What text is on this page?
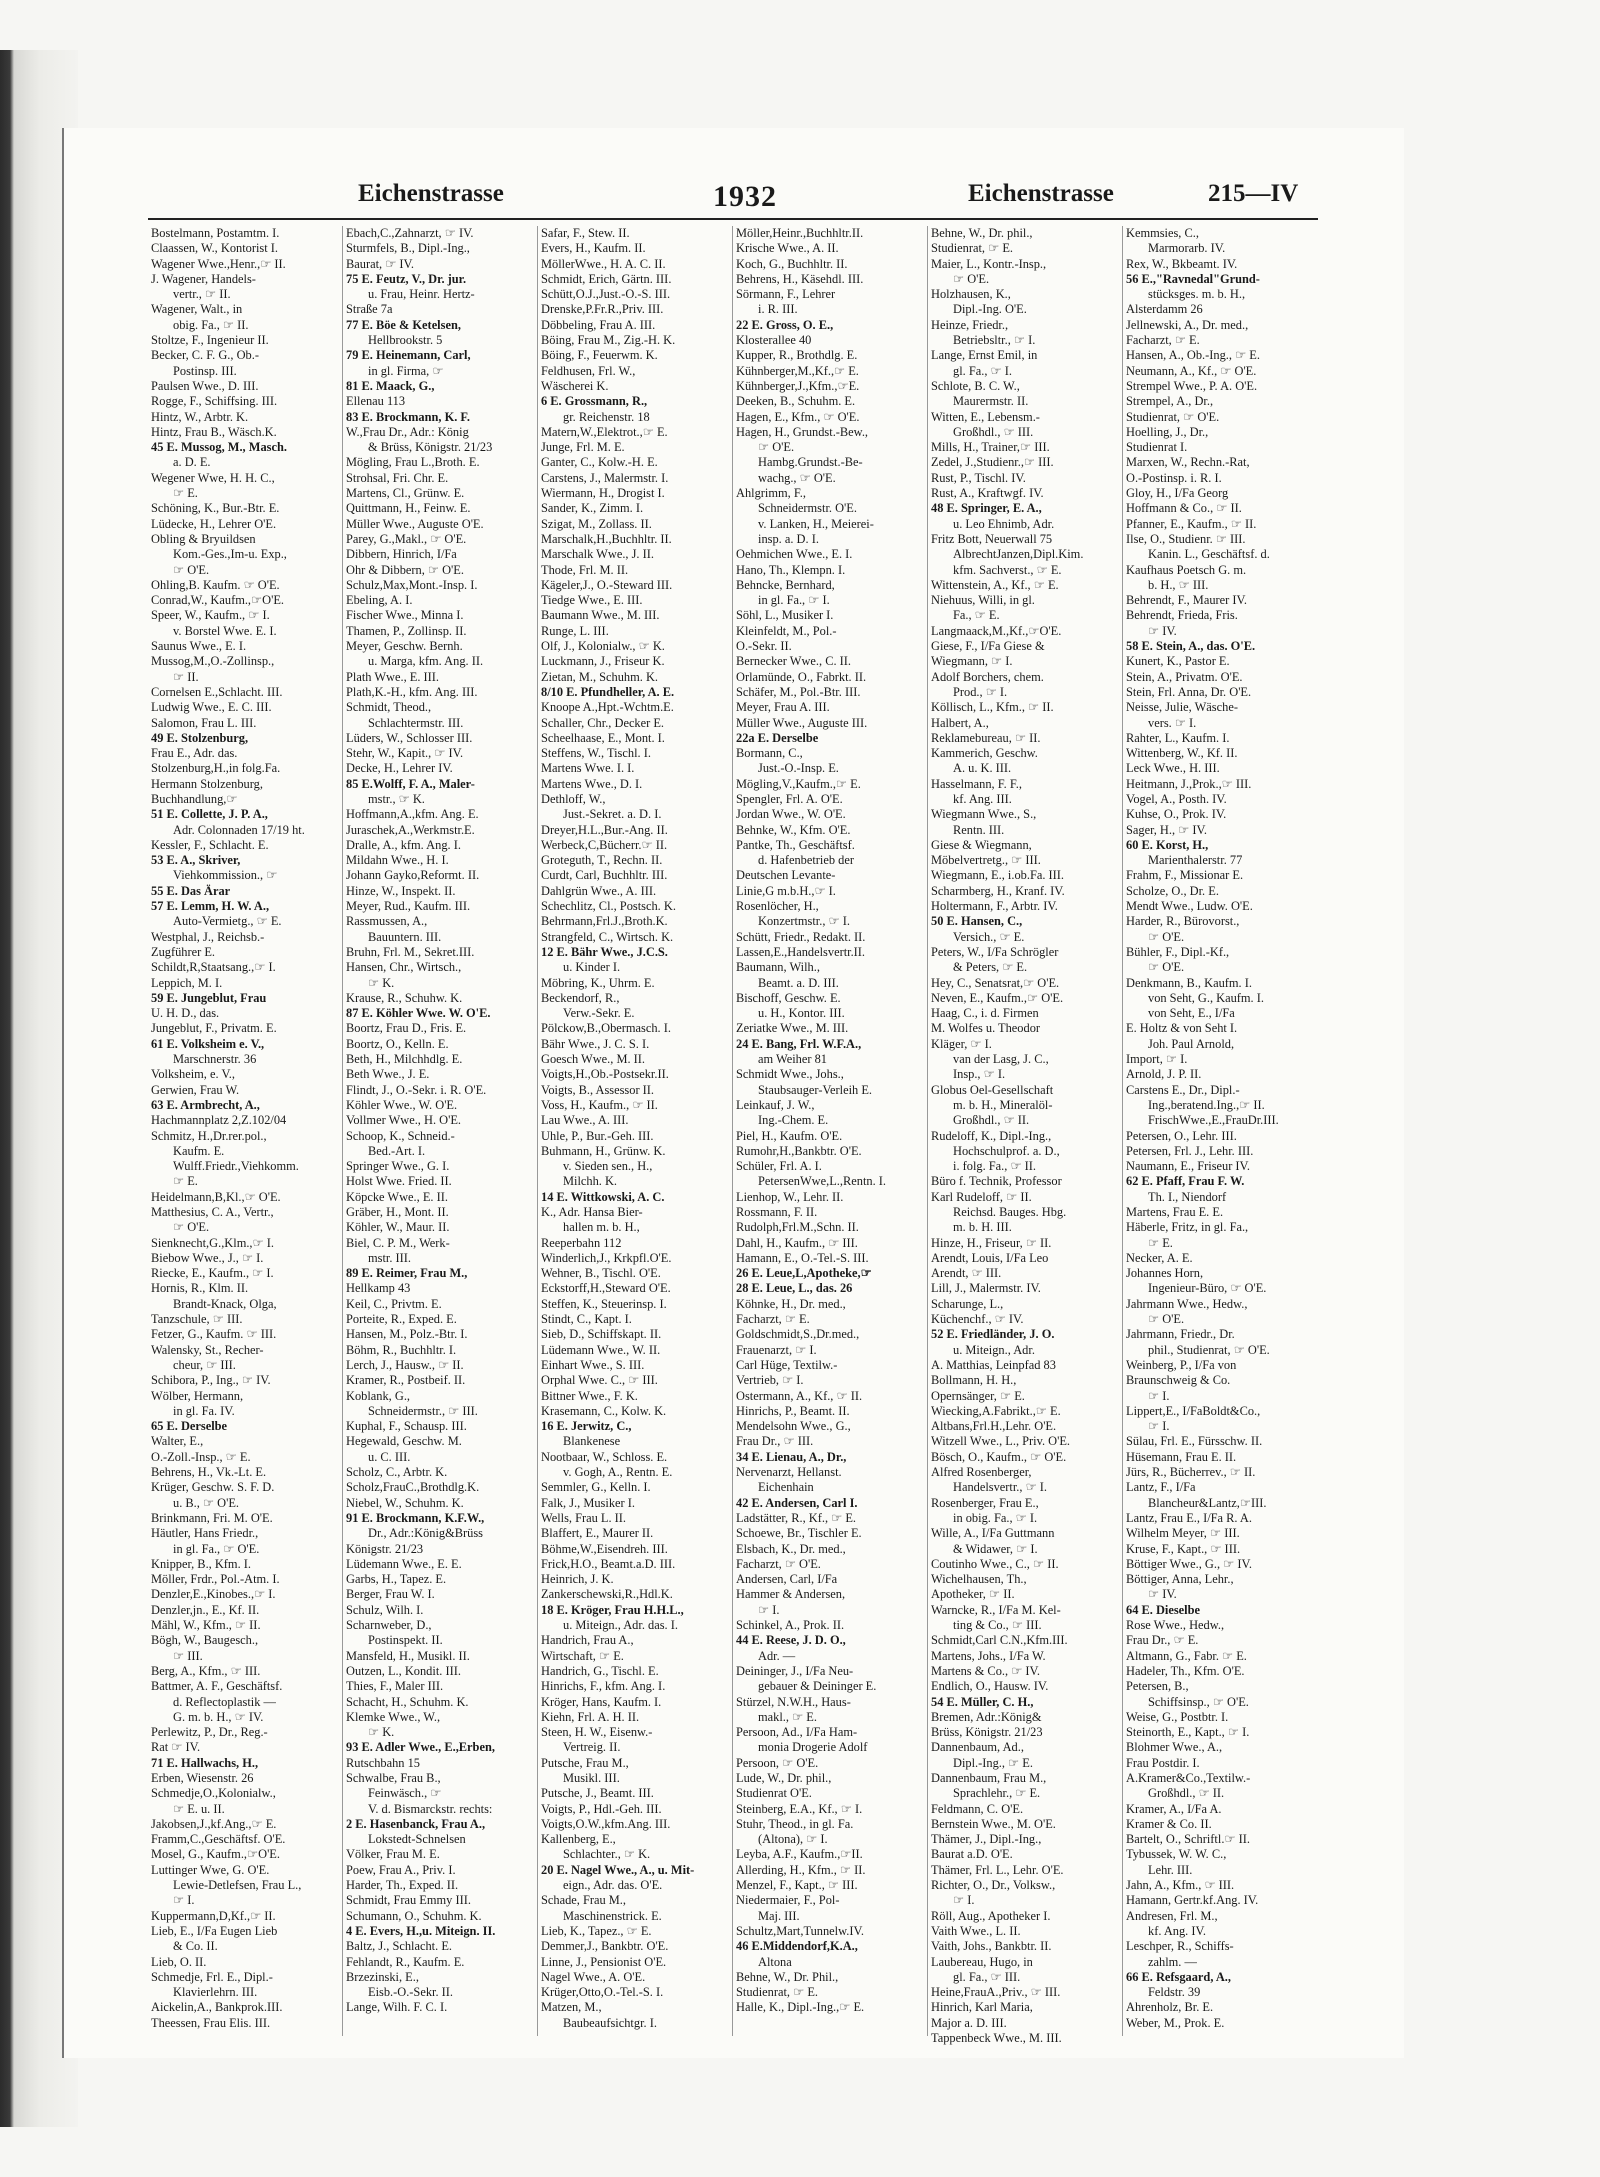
Eichenstrasse	1932	Eichenstrasse	215—IV
Bostelmann, Postamtm. I.
Claassen, W., Kontorist I.
Wagener Wwe.,Henr.,☞ II.
J. Wagener, Handels-
vertr., ☞ II.
Wagener, Walt., in
obig. Fa., ☞ II.
Stoltze, F., Ingenieur II.
Becker, C. F. G., Ob.-
Postinsp. III.
Paulsen Wwe., D. III.
Rogge, F., Schiffsing. III.
Hintz, W., Arbtr. K.
Hintz, Frau B., Wäsch.K.
45 E. Mussog, M., Masch.
a. D. E.
Wegener Wwe, H. H. C.,
☞ E.
Schöning, K., Bur.-Btr. E.
Lüdecke, H., Lehrer O'E.
Obling & Bryuildsen
Kom.-Ges.,Im-u. Exp.,
☞ O'E.
Ohling,B. Kaufm. ☞ O'E.
Conrad,W., Kaufm.,☞O'E.
Speer, W., Kaufm., ☞ I.
v. Borstel Wwe. E. I.
Saunus Wwe., E. I.
Mussog,M.,O.-Zollinsp.,
☞ II.
Cornelsen E.,Schlacht. III.
Ludwig Wwe., E. C. III.
Salomon, Frau L. III.
49 E. Stolzenburg,
Frau E., Adr. das.
Stolzenburg,H.,in folg.Fa.
Hermann Stolzenburg,
Buchhandlung,☞
51 E. Collette, J. P. A.,
Adr. Colonnaden 17/19 ht.
Kessler, F., Schlacht. E.
53 E. A., Skriver,
Viehkommission., ☞
55 E. Das Ärar
57 E. Lemm, H. W. A.,
Auto-Vermietg., ☞ E.
Westphal, J., Reichsb.-
Zugführer E.
Schildt,R,Staatsang.,☞ I.
Leppich, M. I.
59 E. Jungeblut, Frau
U. H. D., das.
Jungeblut, F., Privatm. E.
61 E. Volksheim e. V.,
Marschnerstr. 36
Volksheim, e. V.,
Gerwien, Frau W.
63 E. Armbrecht, A.,
Hachmannplatz 2,Z.102/04
Schmitz, H.,Dr.rer.pol.,
Kaufm. E.
Wulff.Friedr.,Viehkomm.
☞ E.
Heidelmann,B,Kl.,☞ O'E.
Matthesius, C. A., Vertr.,
☞ O'E.
Sienknecht,G.,Klm.,☞ I.
Biebow Wwe., J., ☞ I.
Riecke, E., Kaufm., ☞ I.
Hornis, R., Klm. II.
Brandt-Knack, Olga,
Tanzschule, ☞ III.
Fetzer, G., Kaufm. ☞ III.
Walensky, St., Recher-
cheur, ☞ III.
Schibora, P., Ing., ☞ IV.
Wölber, Hermann,
in gl. Fa. IV.
65 E. Derselbe
Walter, E.,
O.-Zoll.-Insp., ☞ E.
Behrens, H., Vk.-Lt. E.
Krüger, Geschw. S. F. D.
u. B., ☞ O'E.
Brinkmann, Fri. M. O'E.
Häutler, Hans Friedr.,
in gl. Fa., ☞ O'E.
Knipper, B., Kfm. I.
Möller, Frdr., Pol.-Atm. I.
Denzler,E.,Kinobes.,☞ I.
Denzler,jn., E., Kf. II.
Mähl, W., Kfm., ☞ II.
Bögh, W., Baugesch.,
☞ III.
Berg, A., Kfm., ☞ III.
Battmer, A. F., Geschäftsf.
d. Reflectoplastik —
G. m. b. H., ☞ IV.
Perlewitz, P., Dr., Reg.-
Rat ☞ IV.
71 E. Hallwachs, H.,
Erben, Wiesenstr. 26
Schmedje,O.,Kolonialw.,
☞ E. u. II.
Jakobsen,J.,kf.Ang.,☞ E.
Framm,C.,Geschäftsf. O'E.
Mosel, G., Kaufm.,☞O'E.
Luttinger Wwe, G. O'E.
Lewie-Detlefsen, Frau L.,
☞ I.
Kuppermann,D,Kf.,☞ II.
Lieb, E., I/Fa Eugen Lieb
& Co. II.
Lieb, O. II.
Schmedje, Frl. E., Dipl.-
Klavierlehrn. III.
Aickelin,A., Bankprok.III.
Theessen, Frau Elis. III.
Ebach,C.,Zahnarzt, ☞ IV.
Sturmfels, B., Dipl.-Ing.,
Baurat, ☞ IV.
75 E. Feutz, V., Dr. jur.
u. Frau, Heinr. Hertz-
Straße 7a
77 E. Böe & Ketelsen,
Hellbrookstr. 5
79 E. Heinemann, Carl,
in gl. Firma, ☞
81 E. Maack, G.,
Ellenau 113
83 E. Brockmann, K. F.
W.,Frau Dr., Adr.: König
& Brüss, Königstr. 21/23
Mögling, Frau L.,Broth. E.
Strohsal, Fri. Chr. E.
Martens, Cl., Grünw. E.
Quittmann, H., Feinw. E.
Müller Wwe., Auguste O'E.
Parey, G.,Makl., ☞ O'E.
Dibbern, Hinrich, I/Fa
Ohr & Dibbern, ☞ O'E.
Schulz,Max,Mont.-Insp. I.
Ebeling, A. I.
Fischer Wwe., Minna I.
Thamen, P., Zollinsp. II.
Meyer, Geschw. Bernh.
u. Marga, kfm. Ang. II.
Plath Wwe., E. III.
Plath,K.-H., kfm. Ang. III.
Schmidt, Theod.,
Schlachtermstr. III.
Lüders, W., Schlosser III.
Stehr, W., Kapit., ☞ IV.
Decke, H., Lehrer IV.
85 E.Wolff, F. A., Maler-
mstr., ☞ K.
Hoffmann,A.,kfm. Ang. E.
Juraschek,A.,Werkmstr.E.
Dralle, A., kfm. Ang. I.
Mildahn Wwe., H. I.
Johann Gayko,Reformt. II.
Hinze, W., Inspekt. II.
Meyer, Rud., Kaufm. III.
Rassmussen, A.,
Bauuntern. III.
Bruhn, Frl. M., Sekret.III.
Hansen, Chr., Wirtsch.,
☞ K.
Krause, R., Schuhw. K.
87 E. Köhler Wwe. W. O'E.
Boortz, Frau D., Fris. E.
Boortz, O., Kelln. E.
Beth, H., Milchhdlg. E.
Beth Wwe., J. E.
Flindt, J., O.-Sekr. i. R. O'E.
Köhler Wwe., W. O'E.
Vollmer Wwe., H. O'E.
Schoop, K., Schneid.-
Bed.-Art. I.
Springer Wwe., G. I.
Holst Wwe. Fried. II.
Köpcke Wwe., E. II.
Gräber, H., Mont. II.
Köhler, W., Maur. II.
Biel, C. P. M., Werk-
mstr. III.
89 E. Reimer, Frau M.,
Hellkamp 43
Keil, C., Privtm. E.
Porteite, R., Exped. E.
Hansen, M., Polz.-Btr. I.
Böhm, R., Buchhltr. I.
Lerch, J., Hausw., ☞ II.
Kramer, R., Postbeif. II.
Koblank, G.,
Schneidermstr., ☞ III.
Kuphal, F., Schausp. III.
Hegewald, Geschw. M.
u. C. III.
Scholz, C., Arbtr. K.
Scholz,FrauC.,Brothdlg.K.
Niebel, W., Schuhm. K.
91 E. Brockmann, K.F.W.,
Dr., Adr.:König&Brüss
Königstr. 21/23
Lüdemann Wwe., E. E.
Garbs, H., Tapez. E.
Berger, Frau W. I.
Schulz, Wilh. I.
Scharnweber, D.,
Postinspekt. II.
Mansfeld, H., Musikl. II.
Outzen, L., Kondit. III.
Thies, F., Maler III.
Schacht, H., Schuhm. K.
Klemke Wwe., W.,
☞ K.
93 E. Adler Wwe., E.,Erben,
Rutschbahn 15
Schwalbe, Frau B.,
Feinwäsch., ☞
V. d. Bismarckstr. rechts:
2 E. Hasenbanck, Frau A.,
Lokstedt-Schnelsen
Völker, Frau M. E.
Poew, Frau A., Priv. I.
Harder, Th., Exped. II.
Schmidt, Frau Emmy III.
Schumann, O., Schuhm. K.
4 E. Evers, H.,u. Miteign. II.
Baltz, J., Schlacht. E.
Fehlandt, R., Kaufm. E.
Brzezinski, E.,
Eisb.-O.-Sekr. II.
Lange, Wilh. F. C. I.
Safar, F., Stew. II.
Evers, H., Kaufm. II.
MöllerWwe., H. A. C. II.
Schmidt, Erich, Gärtn. III.
Schütt,O.J.,Just.-O.-S. III.
Drenske,P.Fr.R.,Priv. III.
Döbbeling, Frau A. III.
Böing, Frau M., Zig.-H. K.
Böing, F., Feuerwm. K.
Feldhusen, Frl. W.,
Wäscherei K.
6 E. Grossmann, R.,
gr. Reichenstr. 18
Matern,W.,Elektrot.,☞ E.
Junge, Frl. M. E.
Ganter, C., Kolw.-H. E.
Carstens, J., Malermstr. I.
Wiermann, H., Drogist I.
Sander, K., Zimm. I.
Szigat, M., Zollass. II.
Marschalk,H.,Buchhltr. II.
Marschalk Wwe., J. II.
Thode, Frl. M. II.
Kägeler,J., O.-Steward III.
Tiedge Wwe., E. III.
Baumann Wwe., M. III.
Runge, L. III.
Olf, J., Kolonialw., ☞ K.
Luckmann, J., Friseur K.
Zietan, M., Schuhm. K.
8/10 E. Pfundheller, A. E.
Knoope A.,Hpt.-Wchtm.E.
Schaller, Chr., Decker E.
Scheelhaase, E., Mont. I.
Steffens, W., Tischl. I.
Martens Wwe. I. I.
Martens Wwe., D. I.
Dethloff, W.,
Just.-Sekret. a. D. I.
Dreyer,H.L.,Bur.-Ang. II.
Werbeck,C,Bücherr.☞ II.
Groteguth, T., Rechn. II.
Curdt, Carl, Buchhltr. III.
Dahlgrün Wwe., A. III.
Schechlitz, Cl., Postsch. K.
Behrmann,Frl.J.,Broth.K.
Strangfeld, C., Wirtsch. K.
12 E. Bähr Wwe., J.C.S.
u. Kinder I.
Möbring, K., Uhrm. E.
Beckendorf, R.,
Verw.-Sekr. E.
Pölckow,B.,Obermasch. I.
Bähr Wwe., J. C. S. I.
Goesch Wwe., M. II.
Voigts,H.,Ob.-Postsekr.II.
Voigts, B., Assessor II.
Voss, H., Kaufm., ☞ II.
Lau Wwe., A. III.
Uhle, P., Bur.-Geh. III.
Buhmann, H., Grünw. K.
v. Sieden sen., H.,
Milchh. K.
14 E. Wittkowski, A. C.
K., Adr. Hansa Bier-
hallen m. b. H.,
Reeperbahn 112
Winderlich,J., Krkpfl.O'E.
Wehner, B., Tischl. O'E.
Eckstorff,H.,Steward O'E.
Steffen, K., Steuerinsp. I.
Stindt, C., Kapt. I.
Sieb, D., Schiffskapt. II.
Lüdemann Wwe., W. II.
Einhart Wwe., S. III.
Orphal Wwe. C., ☞ III.
Bittner Wwe., F. K.
Krasemann, C., Kolw. K.
16 E. Jerwitz, C.,
Blankenese
Nootbaar, W., Schloss. E.
v. Gogh, A., Rentn. E.
Semmler, G., Kelln. I.
Falk, J., Musiker I.
Wells, Frau L. II.
Blaffert, E., Maurer II.
Böhme,W.,Eisendreh. III.
Frick,H.O., Beamt.a.D. III.
Heinrich, J. K.
Zankerschewski,R.,Hdl.K.
18 E. Kröger, Frau H.H.L.,
u. Miteign., Adr. das. I.
Handrich, Frau A.,
Wirtschaft, ☞ E.
Handrich, G., Tischl. E.
Hinrichs, F., kfm. Ang. I.
Kröger, Hans, Kaufm. I.
Kiehn, Frl. A. H. II.
Steen, H. W., Eisenw.-
Vertreig. II.
Putsche, Frau M.,
Musikl. III.
Putsche, J., Beamt. III.
Voigts, P., Hdl.-Geh. III.
Voigts,O.W.,kfm.Ang. III.
Kallenberg, E.,
Schlachter., ☞ K.
20 E. Nagel Wwe., A., u. Mit-
eign., Adr. das. O'E.
Schade, Frau M.,
Maschinenstrick. E.
Lieb, K., Tapez., ☞ E.
Demmer,J., Bankbtr. O'E.
Linne, J., Pensionist O'E.
Nagel Wwe., A. O'E.
Krüger,Otto,O.-Tel.-S. I.
Matzen, M.,
Baubeaufsichtgr. I.
Möller,Heinr.,Buchhltr.II.
Krische Wwe., A. II.
Koch, G., Buchhltr. II.
Behrens, H., Käsehdl. III.
Sörmann, F., Lehrer
i. R. III.
22 E. Gross, O. E.,
Klosterallee 40
Kupper, R., Brothdlg. E.
Kühnberger,M.,Kf.,☞ E.
Kühnberger,J.,Kfm.,☞E.
Deeken, B., Schuhm. E.
Hagen, E., Kfm., ☞ O'E.
Hagen, H., Grundst.-Bew.,
☞ O'E.
Hambg.Grundst.-Be-
wachg., ☞ O'E.
Ahlgrimm, F.,
Schneidermstr. O'E.
v. Lanken, H., Meierei-
insp. a. D. I.
Oehmichen Wwe., E. I.
Hano, Th., Klempn. I.
Behncke, Bernhard,
in gl. Fa., ☞ I.
Söhl, L., Musiker I.
Kleinfeldt, M., Pol.-
O.-Sekr. II.
Bernecker Wwe., C. II.
Orlamünde, O., Fabrkt. II.
Schäfer, M., Pol.-Btr. III.
Meyer, Frau A. III.
Müller Wwe., Auguste III.
22a E. Derselbe
Bormann, C.,
Just.-O.-Insp. E.
Mögling,V.,Kaufm.,☞ E.
Spengler, Frl. A. O'E.
Jordan Wwe., W. O'E.
Behnke, W., Kfm. O'E.
Pantke, Th., Geschäftsf.
d. Hafenbetrieb der
Deutschen Levante-
Linie,G m.b.H.,☞ I.
Rosenlöcher, H.,
Konzertmstr., ☞ I.
Schütt, Friedr., Redakt. II.
Lassen,E.,Handelsvertr.II.
Baumann, Wilh.,
Beamt. a. D. III.
Bischoff, Geschw. E.
u. H., Kontor. III.
Zeriatke Wwe., M. III.
24 E. Bang, Frl. W.F.A.,
am Weiher 81
Schmidt Wwe., Johs.,
Staubsauger-Verleih E.
Leinkauf, J. W.,
Ing.-Chem. E.
Piel, H., Kaufm. O'E.
Rumohr,H.,Bankbtr. O'E.
Schüler, Frl. A. I.
PetersenWwe,L.,Rentn. I.
Lienhop, W., Lehr. II.
Rossmann, F. II.
Rudolph,Frl.M.,Schn. II.
Dahl, H., Kaufm., ☞ III.
Hamann, E., O.-Tel.-S. III.
26 E. Leue,L,Apotheke,☞
28 E. Leue, L., das. 26
Köhnke, H., Dr. med.,
Facharzt, ☞ E.
Goldschmidt,S.,Dr.med.,
Frauenarzt, ☞ I.
Carl Hüge, Textilw.-
Vertrieb, ☞ I.
Ostermann, A., Kf., ☞ II.
Hinrichs, P., Beamt. II.
Mendelsohn Wwe., G.,
Frau Dr., ☞ III.
34 E. Lienau, A., Dr.,
Nervenarzt, Hellanst.
Eichenhain
42 E. Andersen, Carl I.
Ladstätter, R., Kf., ☞ E.
Schoewe, Br., Tischler E.
Elsbach, K., Dr. med.,
Facharzt, ☞ O'E.
Andersen, Carl, I/Fa
Hammer & Andersen,
☞ I.
Schinkel, A., Prok. II.
44 E. Reese, J. D. O.,
Adr. —
Deininger, J., I/Fa Neu-
gebauer & Deininger E.
Stürzel, N.W.H., Haus-
makl., ☞ E.
Persoon, Ad., I/Fa Ham-
monia Drogerie Adolf
Persoon, ☞ O'E.
Lude, W., Dr. phil.,
Studienrat O'E.
Steinberg, E.A., Kf., ☞ I.
Stuhr, Theod., in gl. Fa.
(Altona), ☞ I.
Leyba, A.F., Kaufm.,☞II.
Allerding, H., Kfm., ☞ II.
Menzel, F., Kapt., ☞ III.
Niedermaier, F., Pol-
Maj. III.
Schultz,Mart,Tunnelw.IV.
46 E.Middendorf,K.A.,
Altona
Behne, W., Dr. Phil.,
Studienrat, ☞ E.
Halle, K., Dipl.-Ing.,☞ E.
Behne, W., Dr. phil.,
Studienrat, ☞ E.
Maier, L., Kontr.-Insp.,
☞ O'E.
Holzhausen, K.,
Dipl.-Ing. O'E.
Heinze, Friedr.,
Betriebsltr., ☞ I.
Lange, Ernst Emil, in
gl. Fa., ☞ I.
Schlote, B. C. W.,
Maurermstr. II.
Witten, E., Lebensm.-
Großhdl., ☞ III.
Mills, H., Trainer,☞ III.
Zedel, J.,Studienr.,☞ III.
Rust, P., Tischl. IV.
Rust, A., Kraftwgf. IV.
48 E. Springer, E. A.,
u. Leo Ehnimb, Adr.
Fritz Bott, Neuerwall 75
AlbrechtJanzen,Dipl.Kim.
kfm. Sachverst., ☞ E.
Wittenstein, A., Kf., ☞ E.
Niehuus, Willi, in gl.
Fa., ☞ E.
Langmaack,M.,Kf.,☞O'E.
Giese, F., I/Fa Giese &
Wiegmann, ☞ I.
Adolf Borchers, chem.
Prod., ☞ I.
Köllisch, L., Kfm., ☞ II.
Halbert, A.,
Reklamebureau, ☞ II.
Kammerich, Geschw.
A. u. K. III.
Hasselmann, F. F.,
kf. Ang. III.
Wiegmann Wwe., S.,
Rentn. III.
Giese & Wiegmann,
Möbelvertretg., ☞ III.
Wiegmann, E., i.ob.Fa. III.
Scharmberg, H., Kranf. IV.
Holtermann, F., Arbtr. IV.
50 E. Hansen, C.,
Versich., ☞ E.
Peters, W., I/Fa Schrögler
& Peters, ☞ E.
Hey, C., Senatsrat,☞ O'E.
Neven, E., Kaufm.,☞ O'E.
Haag, C., i. d. Firmen
M. Wolfes u. Theodor
Kläger, ☞ I.
van der Lasg, J. C.,
Insp., ☞ I.
Globus Oel-Gesellschaft
m. b. H., Mineralöl-
Großhdl., ☞ II.
Rudeloff, K., Dipl.-Ing.,
Hochschulprof. a. D.,
i. folg. Fa., ☞ II.
Büro f. Technik, Professor
Karl Rudeloff, ☞ II.
Reichsd. Bauges. Hbg.
m. b. H. III.
Hinze, H., Friseur, ☞ II.
Arendt, Louis, I/Fa Leo
Arendt, ☞ III.
Lill, J., Malermstr. IV.
Scharunge, L.,
Küchenchf., ☞ IV.
52 E. Friedländer, J. O.
u. Miteign., Adr.
A. Matthias, Leinpfad 83
Bollmann, H. H.,
Opernsänger, ☞ E.
Wiecking,A.Fabrikt.,☞ E.
Altbans,Frl.H.,Lehr. O'E.
Witzell Wwe., L., Priv. O'E.
Bösch, O., Kaufm., ☞ O'E.
Alfred Rosenberger,
Handelsvertr., ☞ I.
Rosenberger, Frau E.,
in obig. Fa., ☞ I.
Wille, A., I/Fa Guttmann
& Widawer, ☞ I.
Coutinho Wwe., C., ☞ II.
Wichelhausen, Th.,
Apotheker, ☞ II.
Warncke, R., I/Fa M. Kel-
ting & Co., ☞ III.
Schmidt,Carl C.N.,Kfm.III.
Martens, Johs., I/Fa W.
Martens & Co., ☞ IV.
Endlich, O., Hausw. IV.
54 E. Müller, C. H.,
Bremen, Adr.:König&
Brüss, Königstr. 21/23
Dannenbaum, Ad.,
Dipl.-Ing., ☞ E.
Dannenbaum, Frau M.,
Sprachlehr., ☞ E.
Feldmann, C. O'E.
Bernstein Wwe., M. O'E.
Thämer, J., Dipl.-Ing.,
Baurat a.D. O'E.
Thämer, Frl. L., Lehr. O'E.
Richter, O., Dr., Volksw.,
☞ I.
Röll, Aug., Apotheker I.
Vaith Wwe., L. II.
Vaith, Johs., Bankbtr. II.
Laubereau, Hugo, in
gl. Fa., ☞ III.
Heine,FrauA.,Priv., ☞ III.
Hinrich, Karl Maria,
Major a. D. III.
Tappenbeck Wwe., M. III.
Kemmsies, C.,
Marmorarb. IV.
Rex, W., Bkbeamt. IV.
56 E.,"Ravnedal"Grund-
stücksges. m. b. H.,
Alsterdamm 26
Jellnewski, A., Dr. med.,
Facharzt, ☞ E.
Hansen, A., Ob.-Ing., ☞ E.
Neumann, A., Kf., ☞ O'E.
Strempel Wwe., P. A. O'E.
Strempel, A., Dr.,
Studienrat, ☞ O'E.
Hoelling, J., Dr.,
Studienrat I.
Marxen, W., Rechn.-Rat,
O.-Postinsp. i. R. I.
Gloy, H., I/Fa Georg
Hoffmann & Co., ☞ II.
Pfanner, E., Kaufm., ☞ II.
Ilse, O., Studienr. ☞ III.
Kanin. L., Geschäftsf. d.
Kaufhaus Poetsch G. m.
b. H., ☞ III.
Behrendt, F., Maurer IV.
Behrendt, Frieda, Fris.
☞ IV.
58 E. Stein, A., das. O'E.
Kunert, K., Pastor E.
Stein, A., Privatm. O'E.
Stein, Frl. Anna, Dr. O'E.
Neisse, Julie, Wäsche-
vers. ☞ I.
Rahter, L., Kaufm. I.
Wittenberg, W., Kf. II.
Leck Wwe., H. III.
Heitmann, J.,Prok.,☞ III.
Vogel, A., Posth. IV.
Kuhse, O., Prok. IV.
Sager, H., ☞ IV.
60 E. Korst, H.,
Marienthalerstr. 77
Frahm, F., Missionar E.
Scholze, O., Dr. E.
Mendt Wwe., Ludw. O'E.
Harder, R., Bürovorst.,
☞ O'E.
Bühler, F., Dipl.-Kf.,
☞ O'E.
Denkmann, B., Kaufm. I.
von Seht, G., Kaufm. I.
von Seht, E., I/Fa
E. Holtz & von Seht I.
Joh. Paul Arnold,
Import, ☞ I.
Arnold, J. P. II.
Carstens E., Dr., Dipl.-
Ing.,beratend.Ing.,☞ II.
FrischWwe.,E.,FrauDr.III.
Petersen, O., Lehr. III.
Petersen, Frl. J., Lehr. III.
Naumann, E., Friseur IV.
62 E. Pfaff, Frau F. W.
Th. I., Niendorf
Martens, Frau E. E.
Häberle, Fritz, in gl. Fa.,
☞ E.
Necker, A. E.
Johannes Horn,
Ingenieur-Büro, ☞ O'E.
Jahrmann Wwe., Hedw.,
☞ O'E.
Jahrmann, Friedr., Dr.
phil., Studienrat, ☞ O'E.
Weinberg, P., I/Fa von
Braunschweig & Co.
☞ I.
Lippert,E., I/FaBoldt&Co.,
☞ I.
Sülau, Frl. E., Fürsschw. II.
Hüsemann, Frau E. II.
Jürs, R., Bücherrev., ☞ II.
Lantz, F., I/Fa
Blancheur&Lantz,☞III.
Lantz, Frau E., I/Fa R. A.
Wilhelm Meyer, ☞ III.
Kruse, F., Kapt., ☞ III.
Böttiger Wwe., G., ☞ IV.
Böttiger, Anna, Lehr.,
☞ IV.
64 E. Dieselbe
Rose Wwe., Hedw.,
Frau Dr., ☞ E.
Altmann, G., Fabr. ☞ E.
Hadeler, Th., Kfm. O'E.
Petersen, B.,
Schiffsinsp., ☞ O'E.
Weise, G., Postbtr. I.
Steinorth, E., Kapt., ☞ I.
Blohmer Wwe., A.,
Frau Postdir. I.
A.Kramer&Co.,Textilw.-
Großhdl., ☞ II.
Kramer, A., I/Fa A.
Kramer & Co. II.
Bartelt, O., Schriftl.☞ II.
Tybussek, W. W. C.,
Lehr. III.
Jahn, A., Kfm., ☞ III.
Hamann, Gertr.kf.Ang. IV.
Andresen, Frl. M.,
kf. Ang. IV.
Leschper, R., Schiffs-
zahlm. —
66 E. Refsgaard, A.,
Feldstr. 39
Ahrenholz, Br. E.
Weber, M., Prok. E.
